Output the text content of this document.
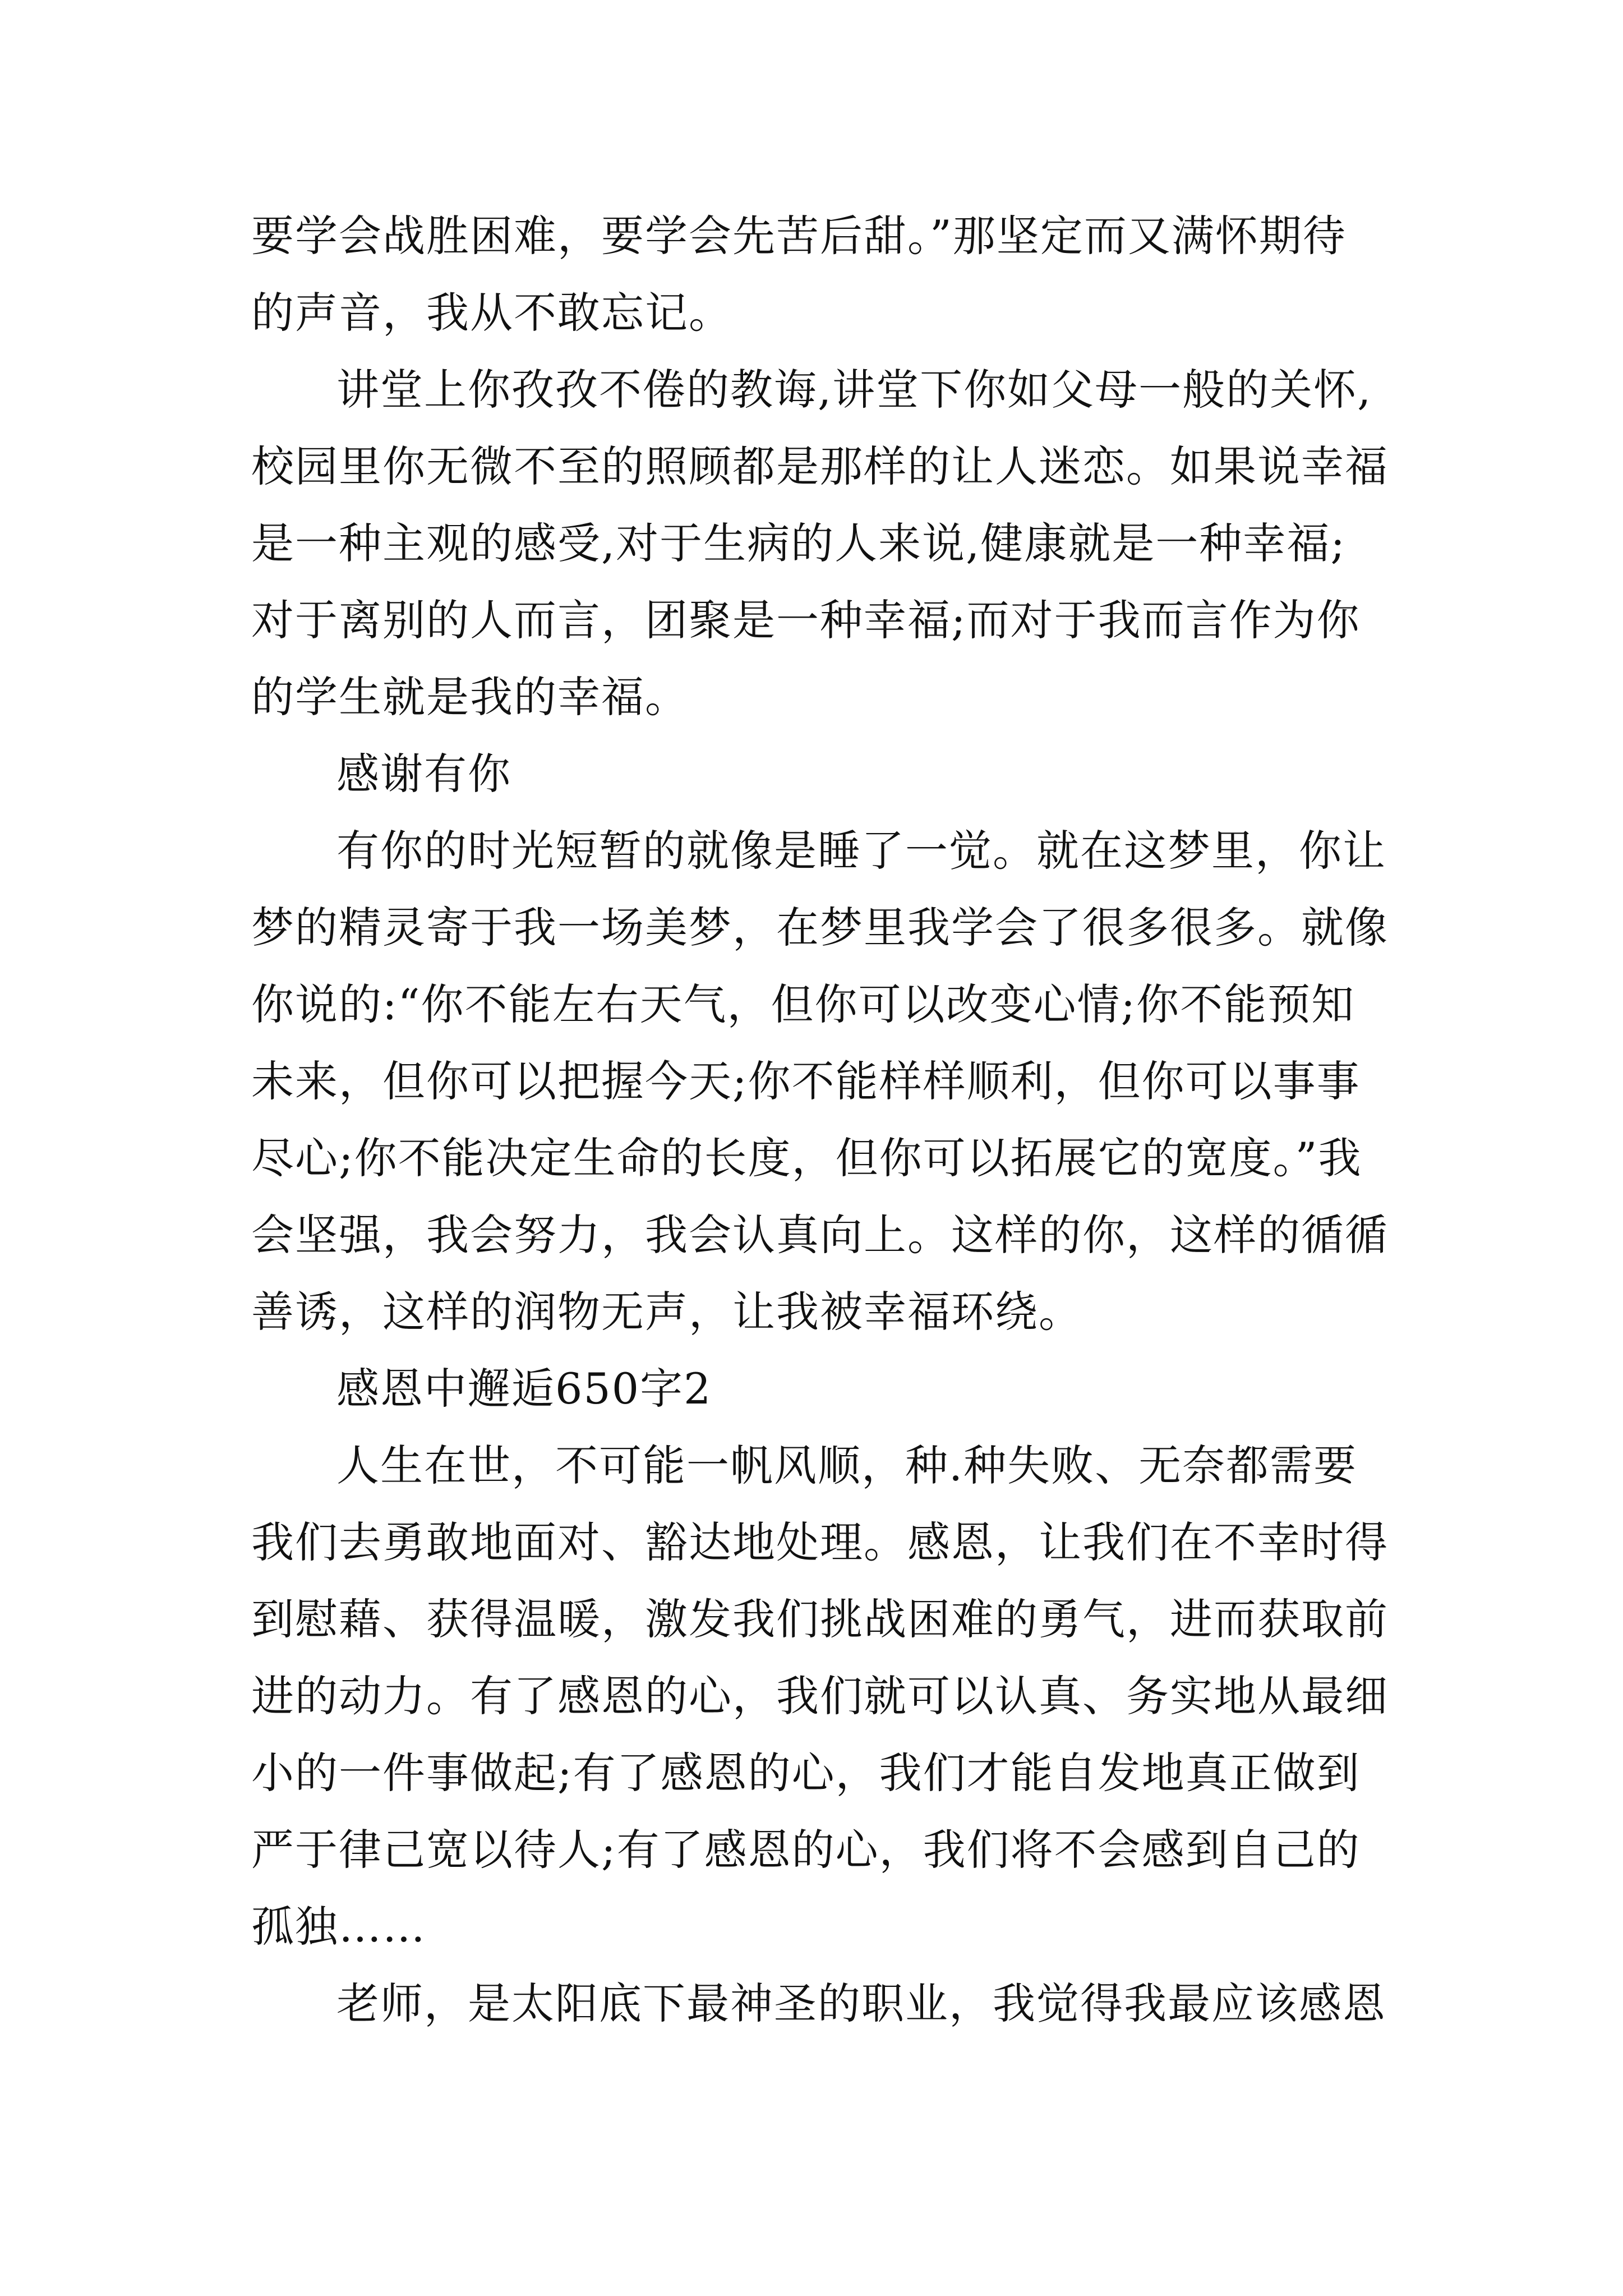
要学会战胜困难，要学会先苦后甜。”那坚定而又满怀期待
的声音，我从不敢忘记。
讲堂上你孜孜不倦的教诲,讲堂下你如父母一般的关怀,
校园里你无微不至的照顾都是那样的让人迷恋。如果说幸福
是一种主观的感受,对于生病的人来说,健康就是一种幸福;
对于离别的人而言，团聚是一种幸福;而对于我而言作为你
的学生就是我的幸福。
感谢有你
有你的时光短暂的就像是睡了一觉。就在这梦里，你让
梦的精灵寄于我一场美梦，在梦里我学会了很多很多。就像
你说的:“你不能左右天气，但你可以改变心情;你不能预知
未来，但你可以把握今天;你不能样样顺利，但你可以事事
尽心;你不能决定生命的长度，但你可以拓展它的宽度。”我
会坚强，我会努力，我会认真向上。这样的你，这样的循循
善诱，这样的润物无声，让我被幸福环绕。
感恩中邂逅650字2
人生在世，不可能一帆风顺，种.种失败、无奈都需要
我们去勇敢地面对、豁达地处理。感恩，让我们在不幸时得
到慰藉、获得温暖，激发我们挑战困难的勇气，进而获取前
进的动力。有了感恩的心，我们就可以认真、务实地从最细
小的一件事做起;有了感恩的心，我们才能自发地真正做到
严于律己宽以待人;有了感恩的心，我们将不会感到自己的
孤独……
老师，是太阳底下最神圣的职业，我觉得我最应该感恩
